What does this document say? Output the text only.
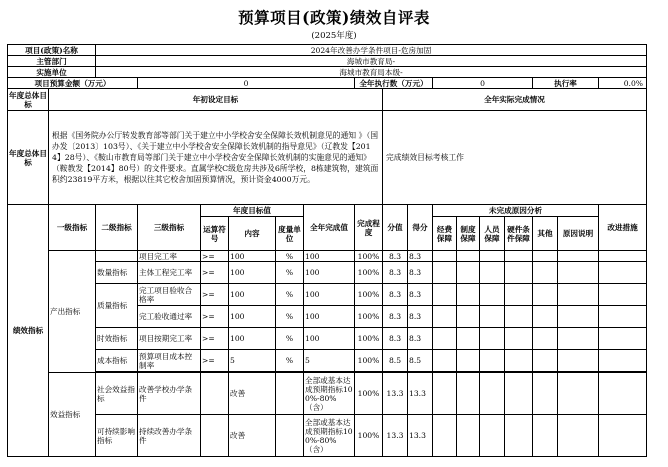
预算项目(政策)绩效自评表
(2025年度)
项目(政策)名称		2024年改善办学条件项目-危房加固															
主管部门		海城市教育局-															
实施单位		海城市教育局本级-															
项目预算金额（万元）			0					全年执行数（万元）			0				执行率		0.0%
年度总体目标	年初设定目标								全年实际完成情况								
年度总体目标	根据《国务院办公厅转发教育部等部门关于建立中小学校舍安全保障长效机制意见的通知 》（国办发〔2013〕103号）、《关于建立中小学校舍安全保障长效机制的指导意见》（辽教发【2014】28号）、《鞍山市教育局等部门关于建立中小学校舍安全保障长效机制的实施意见的通知》（鞍教发【2014】80号）的文件要求。直属学校C级危房共涉及6所学校，8栋建筑物，建筑面积约23819平方米，根据以往其它校舍加固预算情况，预计资金4000万元。								完成绩效目标考核工作								
绩效指标	一级指标	二级指标	三级指标	年度目标值			全年完成值	完成程度	分值	得分	未完成原因分析						改进措施
				运算符号	内容	度量单位					经费保障	制度保障	人员保障	硬件条件保障	其他	原因说明	
	产出指标		项目完工率	>=	100	%	100	100%	8.3	8.3							
		数量指标	主体工程完工率	>=	100	%	100	100%	8.3	8.3							
		质量指标	完工项目验收合格率	>=	100	%	100	100%	8.3	8.3							
			完工验收通过率	>=	100	%	100	100%	8.3	8.3							
		时效指标	项目按期完工率	>=	100	%	100	100%	8.3	8.3							
		成本指标	预算项目成本控制率	>=	5	%	5	100%	8.5	8.5							

	效益指标	社会效益指标	改善学校办学条件		改善		全部或基本达成预期指标100%-80%（含）	100%	13.3	13.3							
		可持续影响指标	持续改善办学条件		改善		全部或基本达成预期指标100%-80%（含）	100%	13.3	13.3							
